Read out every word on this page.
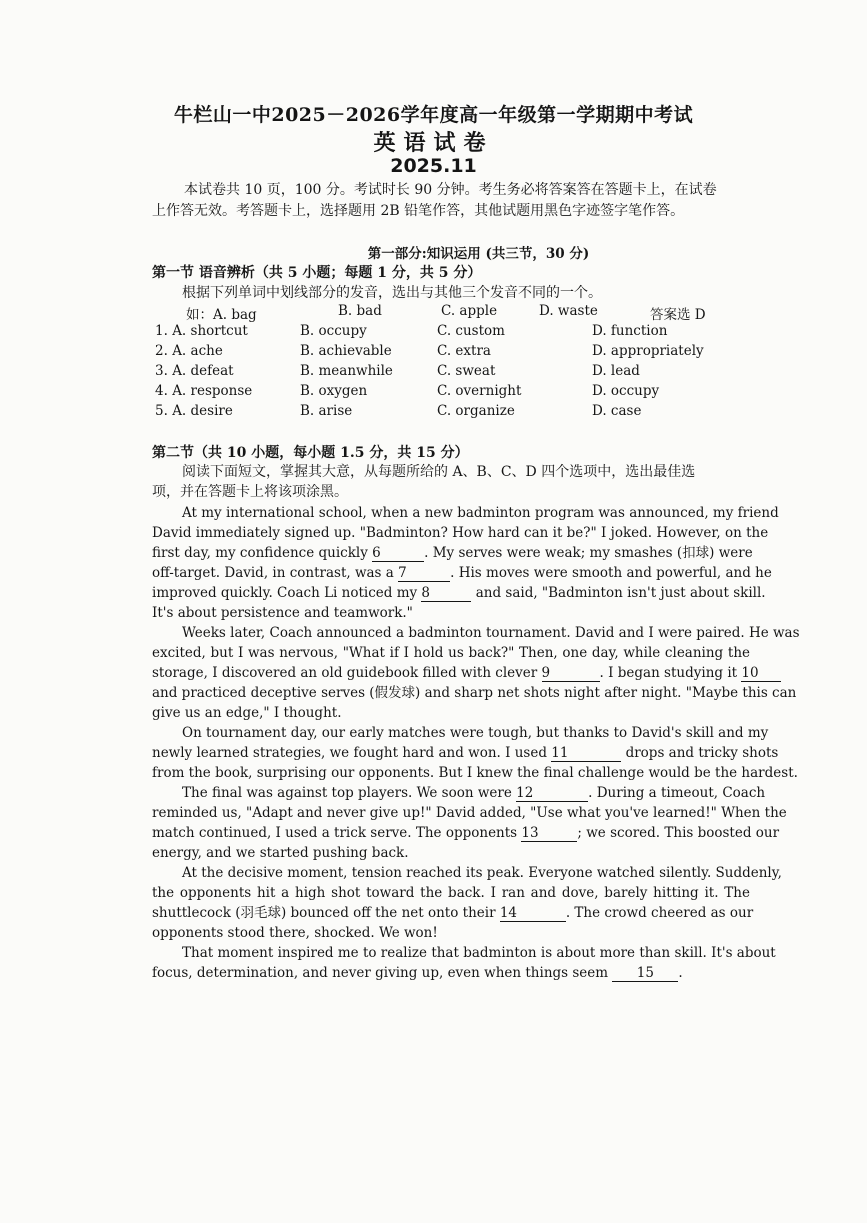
牛栏山一中2025－2026学年度高一年级第一学期期中考试
英语试卷
2025.11
本试卷共 10 页，100 分。考试时长 90 分钟。考生务必将答案答在答题卡上，在试卷
上作答无效。考答题卡上，选择题用 2B 铅笔作答，其他试题用黑色字迹签字笔作答。
第一部分:知识运用 (共三节，30 分)
第一节 语音辨析（共 5 小题；每题 1 分，共 5 分）
根据下列单词中划线部分的发音，选出与其他三个发音不同的一个。
如：A. bag	B. bad	C. apple	D. waste	答案选 D
1. A. shortcut	B. occupy	C. custom	D. function
2. A. ache	B. achievable	C. extra	D. appropriately
3. A. defeat	B. meanwhile	C. sweat	D. lead
4. A. response	B. oxygen	C. overnight	D. occupy
5. A. desire	B. arise	C. organize	D. case
第二节（共 10 小题，每小题 1.5 分，共 15 分）
阅读下面短文，掌握其大意，从每题所给的 A、B、C、D 四个选项中，选出最佳选
项，并在答题卡上将该项涂黑。
At my international school, when a new badminton program was announced, my friend
David immediately signed up. "Badminton? How hard can it be?" I joked. However, on the
first day, my confidence quickly 6	. My serves were weak; my smashes (扣球) were
off-target. David, in contrast, was a 7	. His moves were smooth and powerful, and he
improved quickly. Coach Li noticed my 8	and said, "Badminton isn't just about skill.
It's about persistence and teamwork."
Weeks later, Coach announced a badminton tournament. David and I were paired. He was
excited, but I was nervous, "What if I hold us back?" Then, one day, while cleaning the
storage, I discovered an old guidebook filled with clever 9	. I began studying it 10
and practiced deceptive serves (假发球) and sharp net shots night after night. "Maybe this can
give us an edge," I thought.
On tournament day, our early matches were tough, but thanks to David's skill and my
newly learned strategies, we fought hard and won. I used 11	drops and tricky shots
from the book, surprising our opponents. But I knew the final challenge would be the hardest.
The final was against top players. We soon were 12	. During a timeout, Coach
reminded us, "Adapt and never give up!" David added, "Use what you've learned!" When the
match continued, I used a trick serve. The opponents 13	; we scored. This boosted our
energy, and we started pushing back.
At the decisive moment, tension reached its peak. Everyone watched silently. Suddenly,
the opponents hit a high shot toward the back. I ran and dove, barely hitting it. The
shuttlecock (羽毛球) bounced off the net onto their 14	. The crowd cheered as our
opponents stood there, shocked. We won!
That moment inspired me to realize that badminton is about more than skill. It's about
focus, determination, and never giving up, even when things seem 15 .
